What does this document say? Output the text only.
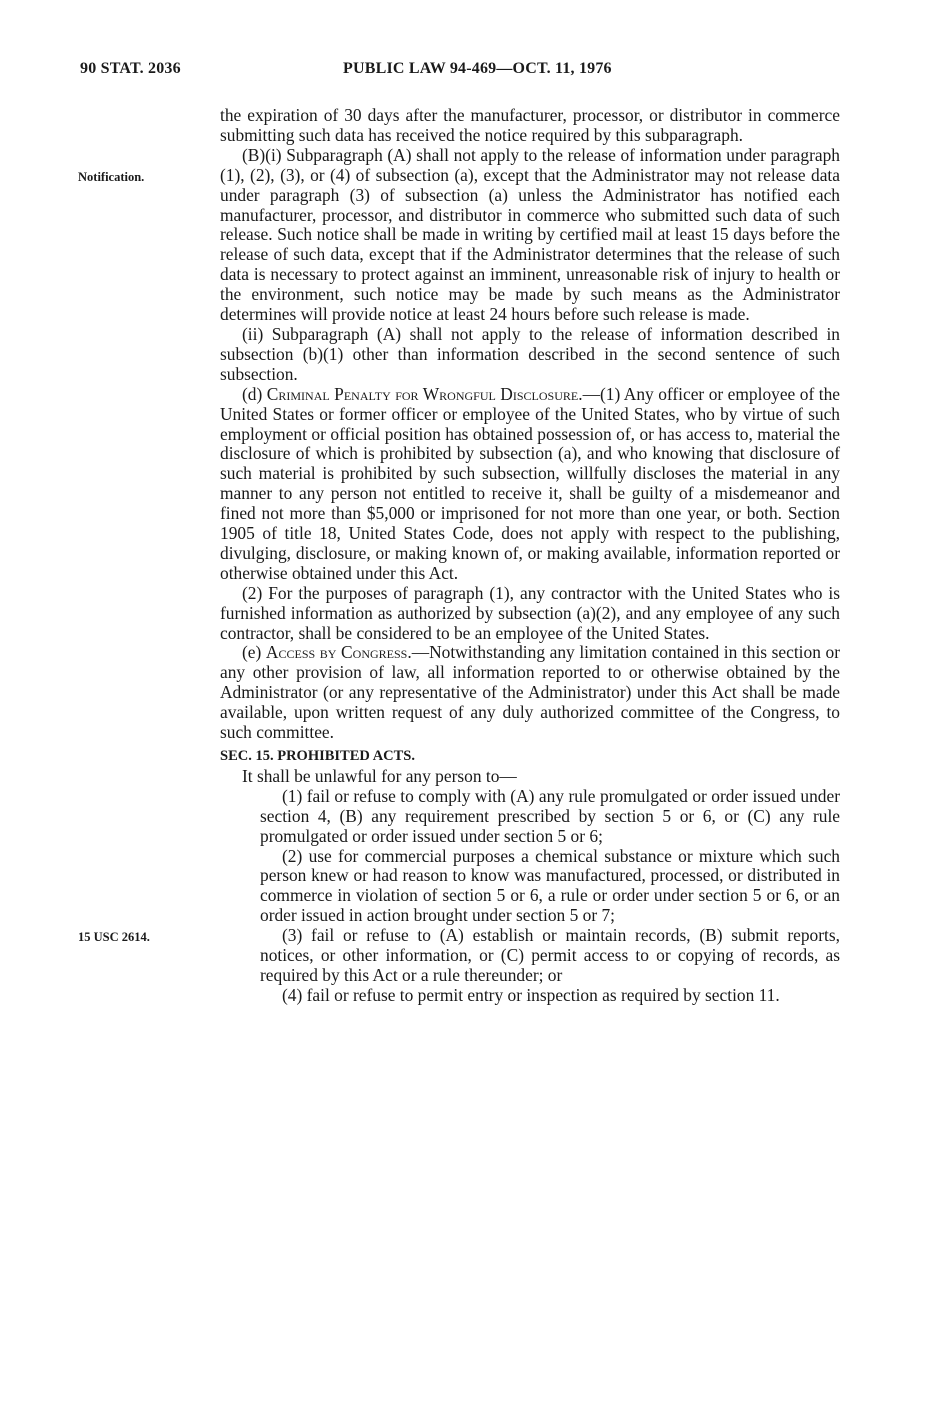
90 STAT. 2036	PUBLIC LAW 94-469—OCT. 11, 1976
Notification.
15 USC 2614.

the expiration of 30 days after the manufacturer, processor, or distributor in commerce submitting such data has received the notice required by this subparagraph.

(B)(i) Subparagraph (A) shall not apply to the release of information under paragraph (1), (2), (3), or (4) of subsection (a), except that the Administrator may not release data under paragraph (3) of subsection (a) unless the Administrator has notified each manufacturer, processor, and distributor in commerce who submitted such data of such release. Such notice shall be made in writing by certified mail at least 15 days before the release of such data, except that if the Administrator determines that the release of such data is necessary to protect against an imminent, unreasonable risk of injury to health or the environment, such notice may be made by such means as the Administrator determines will provide notice at least 24 hours before such release is made.

(ii) Subparagraph (A) shall not apply to the release of information described in subsection (b)(1) other than information described in the second sentence of such subsection.

(d) Criminal Penalty for Wrongful Disclosure.—(1) Any officer or employee of the United States or former officer or employee of the United States, who by virtue of such employment or official position has obtained possession of, or has access to, material the disclosure of which is prohibited by subsection (a), and who knowing that disclosure of such material is prohibited by such subsection, willfully discloses the material in any manner to any person not entitled to receive it, shall be guilty of a misdemeanor and fined not more than $5,000 or imprisoned for not more than one year, or both. Section 1905 of title 18, United States Code, does not apply with respect to the publishing, divulging, disclosure, or making known of, or making available, information reported or otherwise obtained under this Act.

(2) For the purposes of paragraph (1), any contractor with the United States who is furnished information as authorized by subsection (a)(2), and any employee of any such contractor, shall be considered to be an employee of the United States.

(e) Access by Congress.—Notwithstanding any limitation contained in this section or any other provision of law, all information reported to or otherwise obtained by the Administrator (or any representative of the Administrator) under this Act shall be made available, upon written request of any duly authorized committee of the Congress, to such committee.

SEC. 15. PROHIBITED ACTS.

It shall be unlawful for any person to—

(1) fail or refuse to comply with (A) any rule promulgated or order issued under section 4, (B) any requirement prescribed by section 5 or 6, or (C) any rule promulgated or order issued under section 5 or 6;

(2) use for commercial purposes a chemical substance or mixture which such person knew or had reason to know was manufactured, processed, or distributed in commerce in violation of section 5 or 6, a rule or order under section 5 or 6, or an order issued in action brought under section 5 or 7;

(3) fail or refuse to (A) establish or maintain records, (B) submit reports, notices, or other information, or (C) permit access to or copying of records, as required by this Act or a rule thereunder; or

(4) fail or refuse to permit entry or inspection as required by section 11.
